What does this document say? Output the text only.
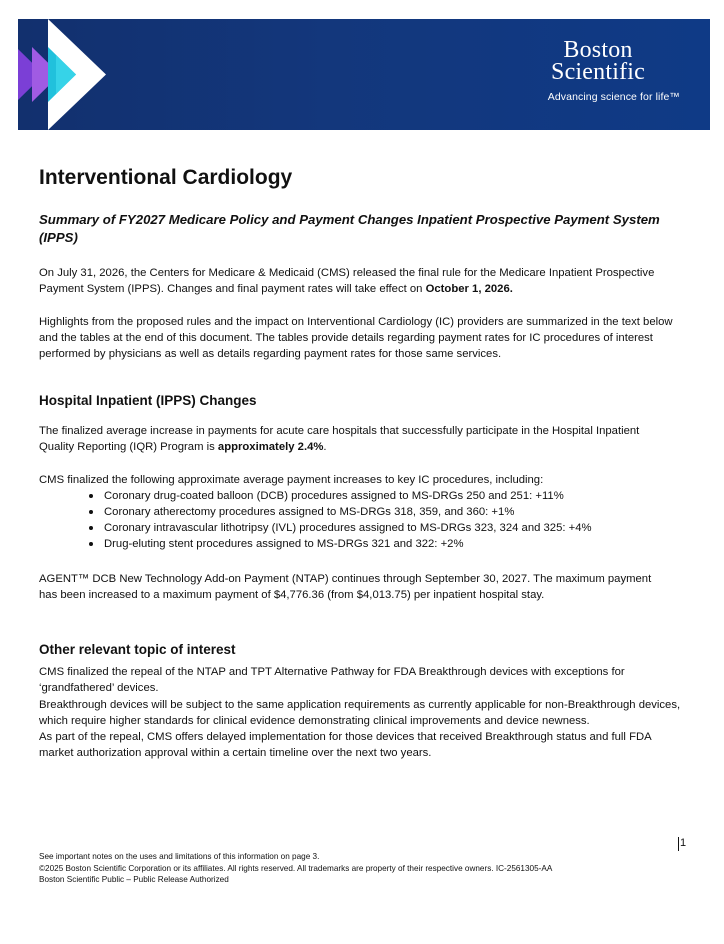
Boston
Scientific
Advancing science for life™
Interventional Cardiology
Summary of FY2027 Medicare Policy and Payment Changes Inpatient Prospective Payment System (IPPS)

On July 31, 2026, the Centers for Medicare & Medicaid (CMS) released the final rule for the Medicare Inpatient Prospective Payment System (IPPS). Changes and final payment rates will take effect on October 1, 2026.

Highlights from the proposed rules and the impact on Interventional Cardiology (IC) providers are summarized in the text below and the tables at the end of this document. The tables provide details regarding payment rates for IC procedures of interest performed by physicians as well as details regarding payment rates for those same services.

Hospital Inpatient (IPPS) Changes

The finalized average increase in payments for acute care hospitals that successfully participate in the Hospital Inpatient Quality Reporting (IQR) Program is approximately 2.4%.

CMS finalized the following approximate average payment increases to key IC procedures, including:

Coronary drug-coated balloon (DCB) procedures assigned to MS-DRGs 250 and 251: +11%
Coronary atherectomy procedures assigned to MS-DRGs 318, 359, and 360: +1%
Coronary intravascular lithotripsy (IVL) procedures assigned to MS-DRGs 323, 324 and 325: +4%
Drug-eluting stent procedures assigned to MS-DRGs 321 and 322: +2%

AGENT™ DCB New Technology Add-on Payment (NTAP) continues through September 30, 2027. The maximum payment has been increased to a maximum payment of $4,776.36 (from $4,013.75) per inpatient hospital stay.

Other relevant topic of interest

CMS finalized the repeal of the NTAP and TPT Alternative Pathway for FDA Breakthrough devices with exceptions for ‘grandfathered’ devices.

Breakthrough devices will be subject to the same application requirements as currently applicable for non-Breakthrough devices, which require higher standards for clinical evidence demonstrating clinical improvements and device newness.

As part of the repeal, CMS offers delayed implementation for those devices that received Breakthrough status and full FDA market authorization approval within a certain timeline over the next two years.

1
See important notes on the uses and limitations of this information on page 3.
©2025 Boston Scientific Corporation or its affiliates. All rights reserved. All trademarks are property of their respective owners. IC-2561305-AA
Boston Scientific Public – Public Release Authorized
